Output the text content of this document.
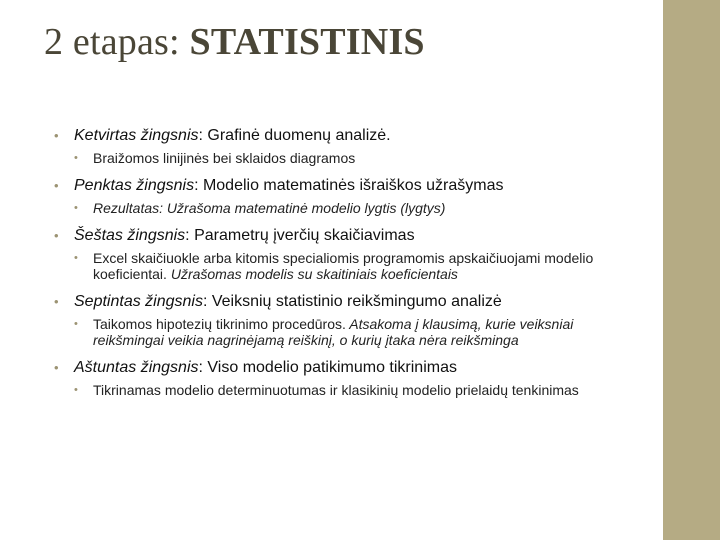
2 etapas: STATISTINIS

• Ketvirtas žingsnis: Grafinė duomenų analizė.

• Braižomos linijinės bei sklaidos diagramos

• Penktas žingsnis: Modelio matematinės išraiškos užrašymas

• Rezultatas: Užrašoma matematinė modelio lygtis (lygtys)

• Šeštas žingsnis: Parametrų įverčių skaičiavimas

• Excel skaičiuokle arba kitomis specialiomis programomis apskaičiuojami modelio koeficientai. Užrašomas modelis su skaitiniais koeficientais

• Septintas žingsnis: Veiksnių statistinio reikšmingumo analizė

• Taikomos hipotezių tikrinimo procedūros. Atsakoma į klausimą, kurie veiksniai reikšmingai veikia nagrinėjamą reiškinį, o kurių įtaka nėra reikšminga

• Aštuntas žingsnis: Viso modelio patikimumo tikrinimas

• Tikrinamas modelio determinuotumas ir klasikinių modelio prielaidų tenkinimas
